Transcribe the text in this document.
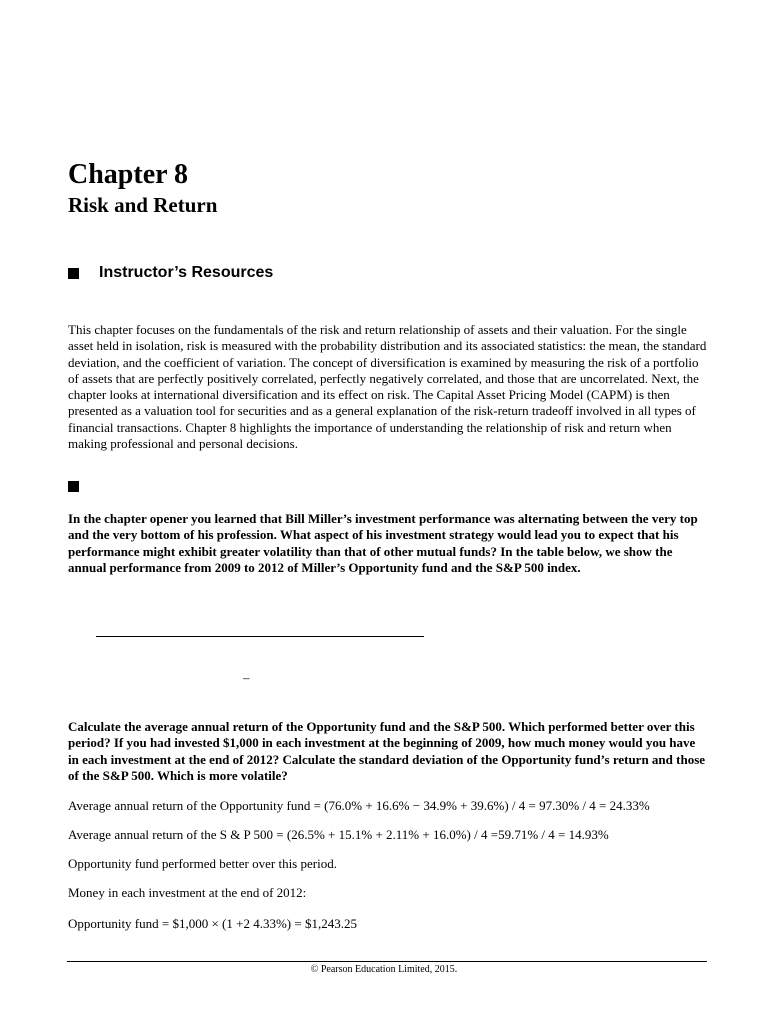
Chapter 8
Risk and Return
Instructor’s Resources

This chapter focuses on the fundamentals of the risk and return relationship of assets and their valuation. For the single asset held in isolation, risk is measured with the probability distribution and its associated statistics: the mean, the standard deviation, and the coefficient of variation. The concept of diversification is examined by measuring the risk of a portfolio of assets that are perfectly positively correlated, perfectly negatively correlated, and those that are uncorrelated. Next, the chapter looks at international diversification and its effect on risk. The Capital Asset Pricing Model (CAPM) is then presented as a valuation tool for securities and as a general explanation of the risk-return tradeoff involved in all types of financial transactions. Chapter 8 highlights the importance of understanding the relationship of risk and return when making professional and personal decisions.

In the chapter opener you learned that Bill Miller’s investment performance was alternating between the very top and the very bottom of his profession. What aspect of his investment strategy would lead you to expect that his performance might exhibit greater volatility than that of other mutual funds? In the table below, we show the annual performance from 2009 to 2012 of Miller’s Opportunity fund and the S&P 500 index.

–

Calculate the average annual return of the Opportunity fund and the S&P 500. Which performed better over this period? If you had invested $1,000 in each investment at the beginning of 2009, how much money would you have in each investment at the end of 2012? Calculate the standard deviation of the Opportunity fund’s return and those of the S&P 500. Which is more volatile?

Average annual return of the Opportunity fund = (76.0% + 16.6% − 34.9% + 39.6%) / 4 = 97.30% / 4 = 24.33%
Average annual return of the S & P 500 = (26.5% + 15.1% + 2.11% + 16.0%) / 4 =59.71% / 4 = 14.93%
Opportunity fund performed better over this period.
Money in each investment at the end of 2012:
Opportunity fund = $1,000 × (1 +2 4.33%) = $1,243.25
© Pearson Education Limited, 2015.
